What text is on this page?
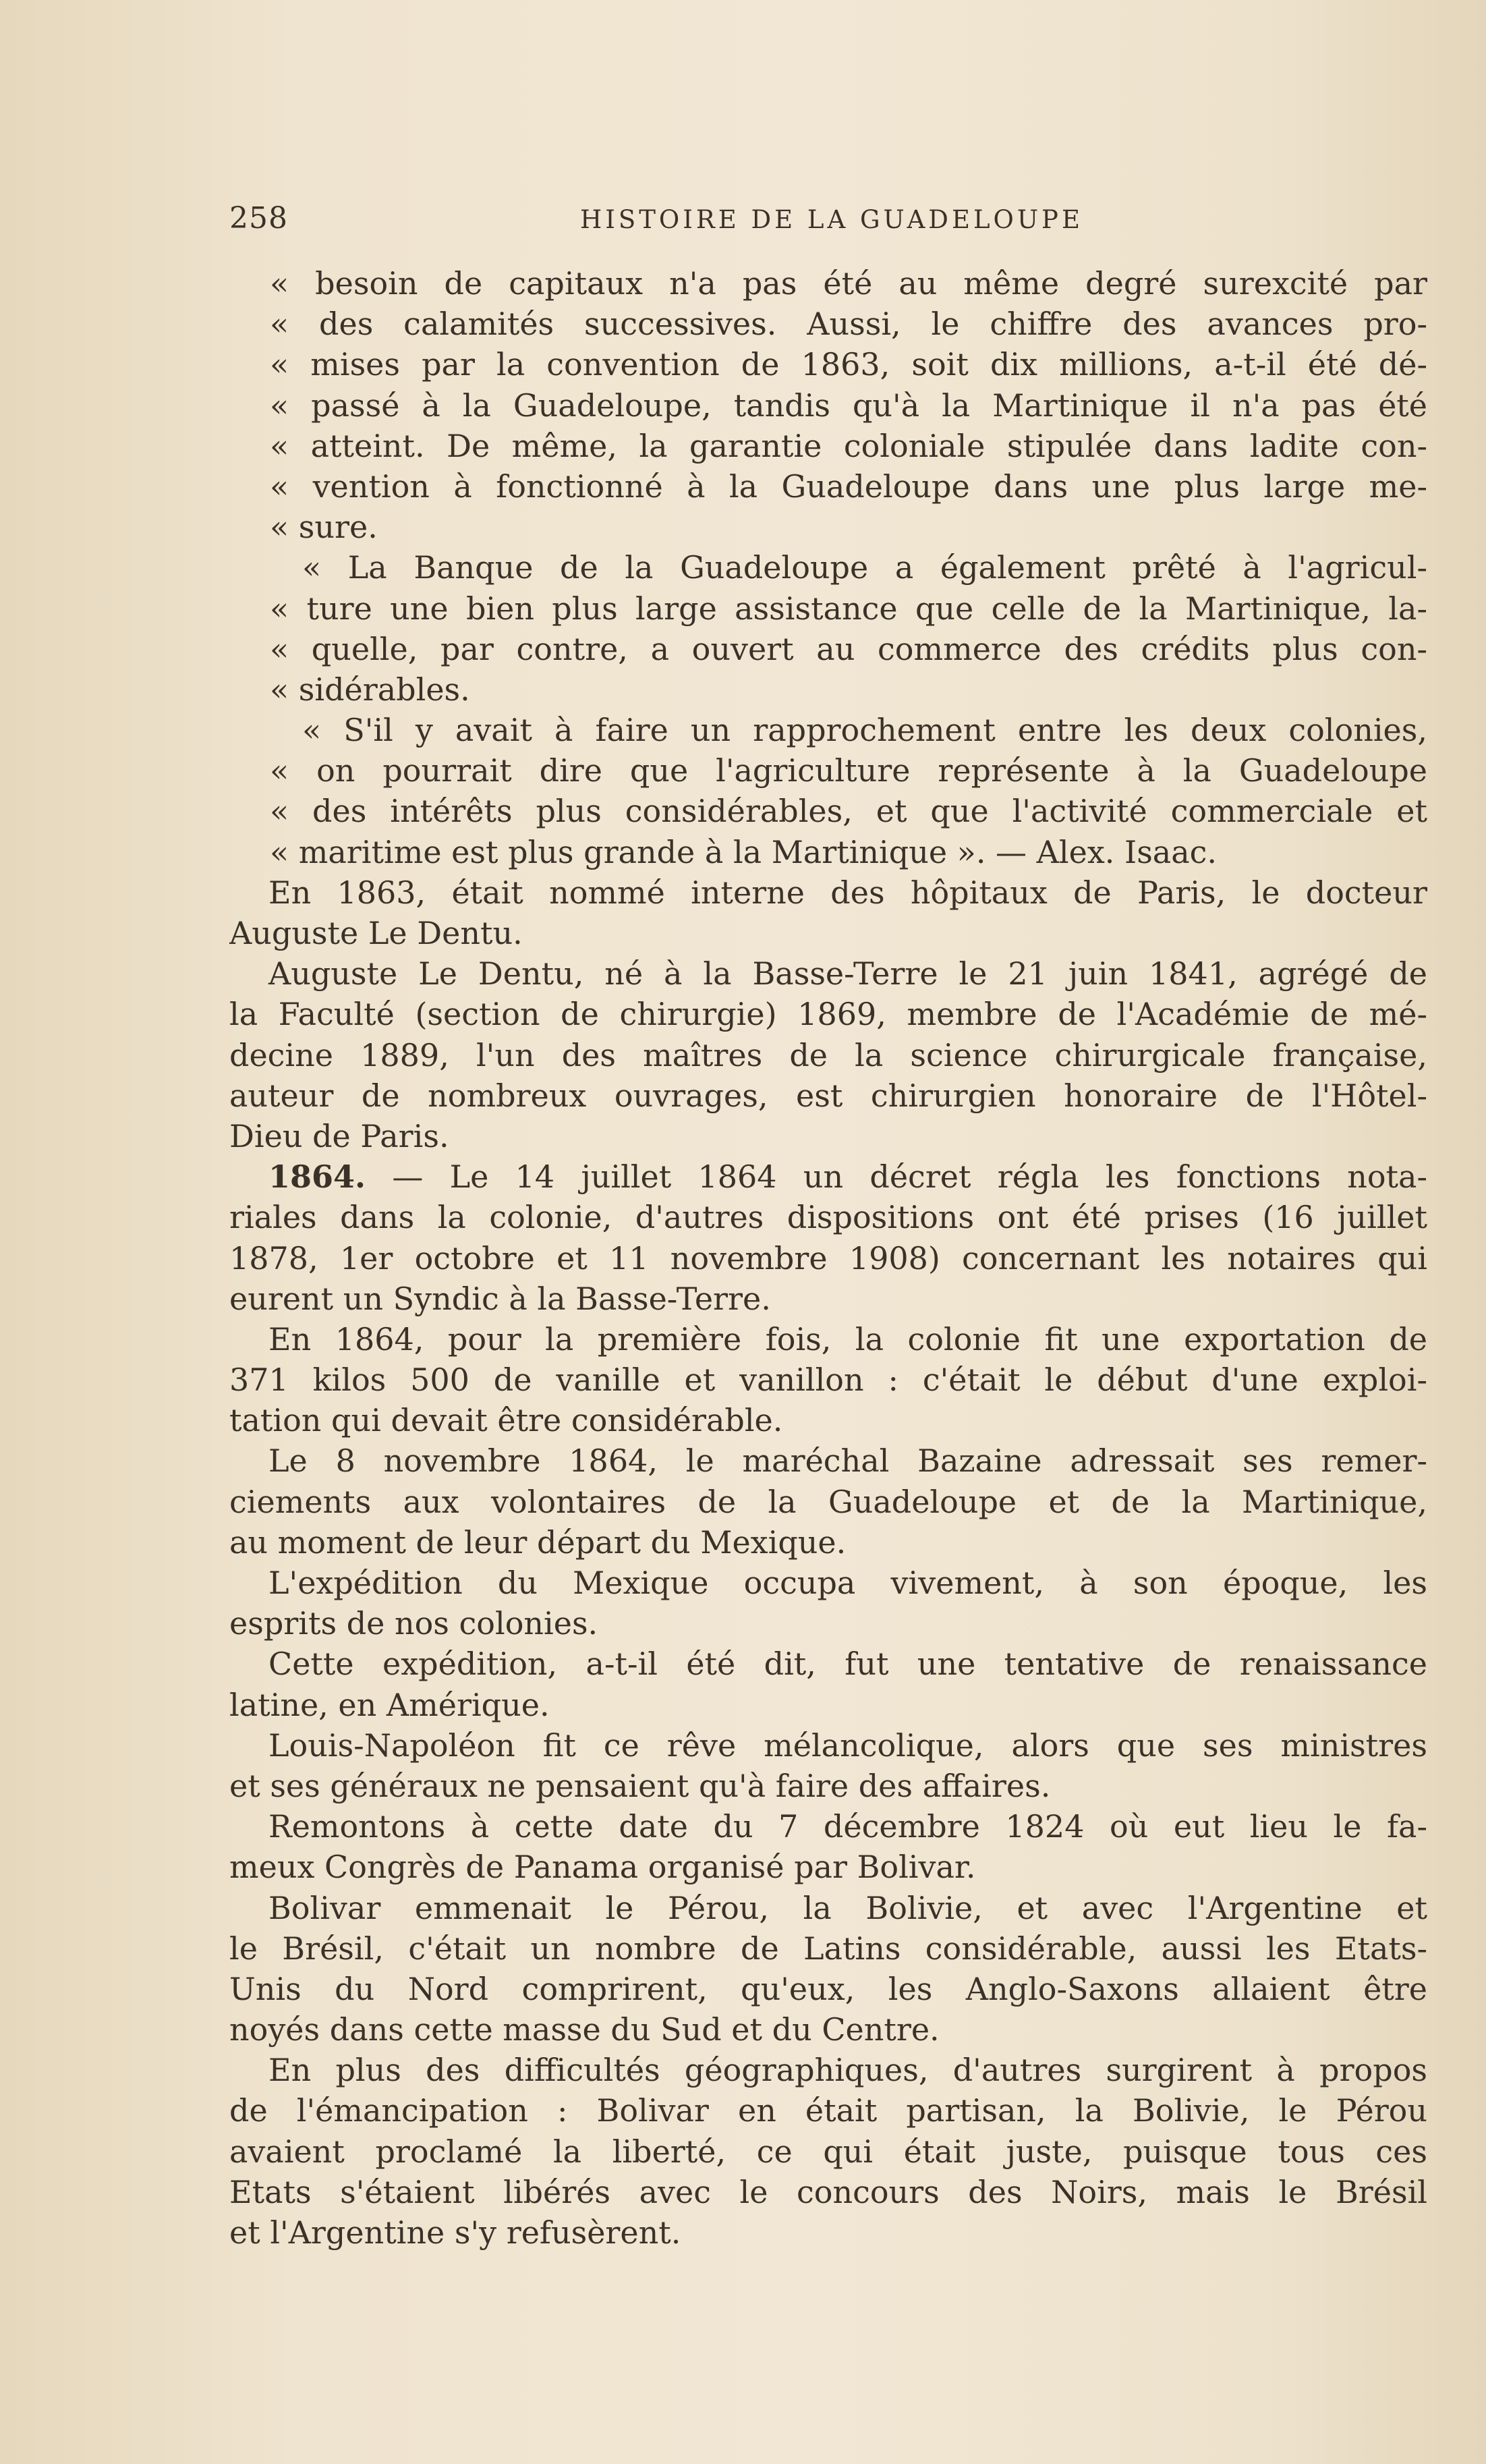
258	HISTOIRE DE LA GUADELOUPE
« besoin de capitaux n'a pas été au même degré surexcité par
« des calamités successives. Aussi, le chiffre des avances pro-
« mises par la convention de 1863, soit dix millions, a-t-il été dé-
« passé à la Guadeloupe, tandis qu'à la Martinique il n'a pas été
« atteint. De même, la garantie coloniale stipulée dans ladite con-
« vention à fonctionné à la Guadeloupe dans une plus large me-
« sure.
« La Banque de la Guadeloupe a également prêté à l'agricul-
« ture une bien plus large assistance que celle de la Martinique, la-
« quelle, par contre, a ouvert au commerce des crédits plus con-
« sidérables.
« S'il y avait à faire un rapprochement entre les deux colonies,
« on pourrait dire que l'agriculture représente à la Guadeloupe
« des intérêts plus considérables, et que l'activité commerciale et
« maritime est plus grande à la Martinique ». — Alex. Isaac.
En 1863, était nommé interne des hôpitaux de Paris, le docteur
Auguste Le Dentu.
Auguste Le Dentu, né à la Basse-Terre le 21 juin 1841, agrégé de
la Faculté (section de chirurgie) 1869, membre de l'Académie de mé-
decine 1889, l'un des maîtres de la science chirurgicale française,
auteur de nombreux ouvrages, est chirurgien honoraire de l'Hôtel-
Dieu de Paris.
1864. — Le 14 juillet 1864 un décret régla les fonctions nota-
riales dans la colonie, d'autres dispositions ont été prises (16 juillet
1878, 1er octobre et 11 novembre 1908) concernant les notaires qui
eurent un Syndic à la Basse-Terre.
En 1864, pour la première fois, la colonie fit une exportation de
371 kilos 500 de vanille et vanillon : c'était le début d'une exploi-
tation qui devait être considérable.
Le 8 novembre 1864, le maréchal Bazaine adressait ses remer-
ciements aux volontaires de la Guadeloupe et de la Martinique,
au moment de leur départ du Mexique.
L'expédition du Mexique occupa vivement, à son époque, les
esprits de nos colonies.
Cette expédition, a-t-il été dit, fut une tentative de renaissance
latine, en Amérique.
Louis-Napoléon fit ce rêve mélancolique, alors que ses ministres
et ses généraux ne pensaient qu'à faire des affaires.
Remontons à cette date du 7 décembre 1824 où eut lieu le fa-
meux Congrès de Panama organisé par Bolivar.
Bolivar emmenait le Pérou, la Bolivie, et avec l'Argentine et
le Brésil, c'était un nombre de Latins considérable, aussi les Etats-
Unis du Nord comprirent, qu'eux, les Anglo-Saxons allaient être
noyés dans cette masse du Sud et du Centre.
En plus des difficultés géographiques, d'autres surgirent à propos
de l'émancipation : Bolivar en était partisan, la Bolivie, le Pérou
avaient proclamé la liberté, ce qui était juste, puisque tous ces
Etats s'étaient libérés avec le concours des Noirs, mais le Brésil
et l'Argentine s'y refusèrent.
